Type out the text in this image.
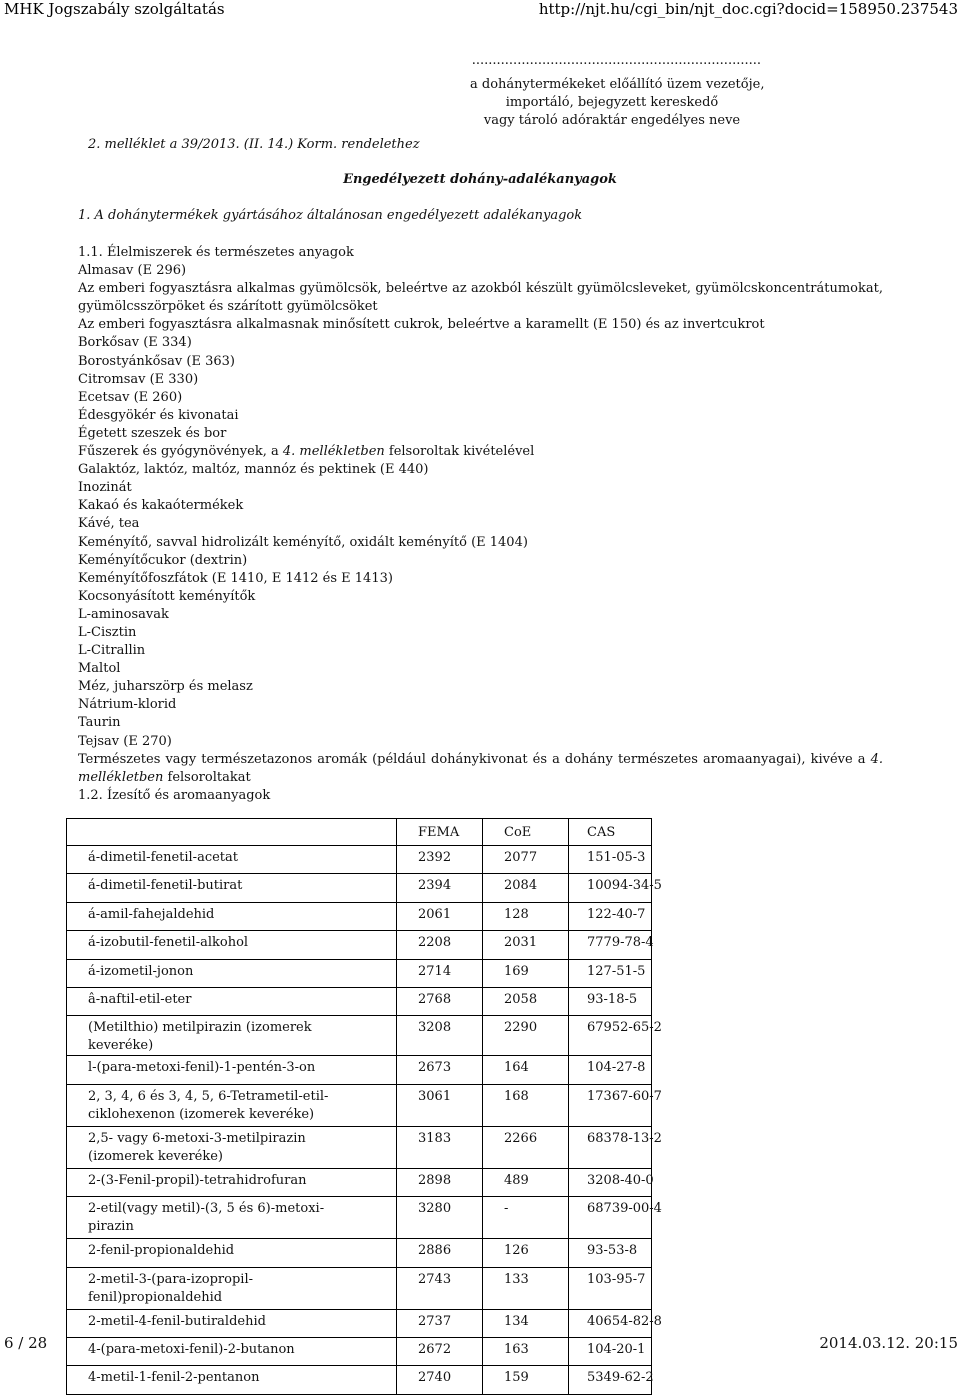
MHK Jogszabály szolgáltatás	http://njt.hu/cgi_bin/njt_doc.cgi?docid=158950.237543
......................................................................
a dohánytermékeket előállító üzem vezetője,
importáló, bejegyzett kereskedő
vagy tároló adóraktár engedélyes neve
2. melléklet a 39/2013. (II. 14.) Korm. rendelethez
Engedélyezett dohány-adalékanyagok
1. A dohánytermékek gyártásához általánosan engedélyezett adalékanyagok

1.1. Élelmiszerek és természetes anyagok

Almasav (E 296)

Az emberi fogyasztásra alkalmas gyümölcsök, beleértve az azokból készült gyümölcsleveket, gyümölcskoncentrátumokat, gyümölcsszörpöket és szárított gyümölcsöket

Az emberi fogyasztásra alkalmasnak minősített cukrok, beleértve a karamellt (E 150) és az invertcukrot

Borkősav (E 334)

Borostyánkősav (E 363)

Citromsav (E 330)

Ecetsav (E 260)

Édesgyökér és kivonatai

Égetett szeszek és bor

Fűszerek és gyógynövények, a 4. mellékletben felsoroltak kivételével

Galaktóz, laktóz, maltóz, mannóz és pektinek (E 440)

Inozinát

Kakaó és kakaótermékek

Kávé, tea

Keményítő, savval hidrolizált keményítő, oxidált keményítő (E 1404)

Keményítőcukor (dextrin)

Keményítőfoszfátok (E 1410, E 1412 és E 1413)

Kocsonyásított keményítők

L-aminosavak

L-Cisztin

L-Citrallin

Maltol

Méz, juharszörp és melasz

Nátrium-klorid

Taurin

Tejsav (E 270)

Természetes vagy természetazonos aromák (például dohánykivonat és a dohány természetes aromaanyagai), kivéve a 4. mellékletben felsoroltakat

1.2. Ízesítő és aromaanyagok

	FEMA	CoE	CAS
á-dimetil-fenetil-acetat	2392	2077	151-05-3
á-dimetil-fenetil-butirat	2394	2084	10094-34-5
á-amil-fahejaldehid	2061	128	122-40-7
á-izobutil-fenetil-alkohol	2208	2031	7779-78-4
á-izometil-jonon	2714	169	127-51-5
â-naftil-etil-eter	2768	2058	93-18-5
(Metilthio) metilpirazin (izomerek keveréke)	3208	2290	67952-65-2
l-(para-metoxi-fenil)-1-pentén-3-on	2673	164	104-27-8
2, 3, 4, 6 és 3, 4, 5, 6-Tetrametil-etil-ciklohexenon (izomerek keveréke)	3061	168	17367-60-7
2,5- vagy 6-metoxi-3-metilpirazin (izomerek keveréke)	3183	2266	68378-13-2
2-(3-Fenil-propil)-tetrahidrofuran	2898	489	3208-40-0
2-etil(vagy metil)-(3, 5 és 6)-metoxi-pirazin	3280	-	68739-00-4
2-fenil-propionaldehid	2886	126	93-53-8
2-metil-3-(para-izopropil-fenil)propionaldehid	2743	133	103-95-7
2-metil-4-fenil-butiraldehid	2737	134	40654-82-8
4-(para-metoxi-fenil)-2-butanon	2672	163	104-20-1
4-metil-1-fenil-2-pentanon	2740	159	5349-62-2
6 / 28	2014.03.12. 20:15
